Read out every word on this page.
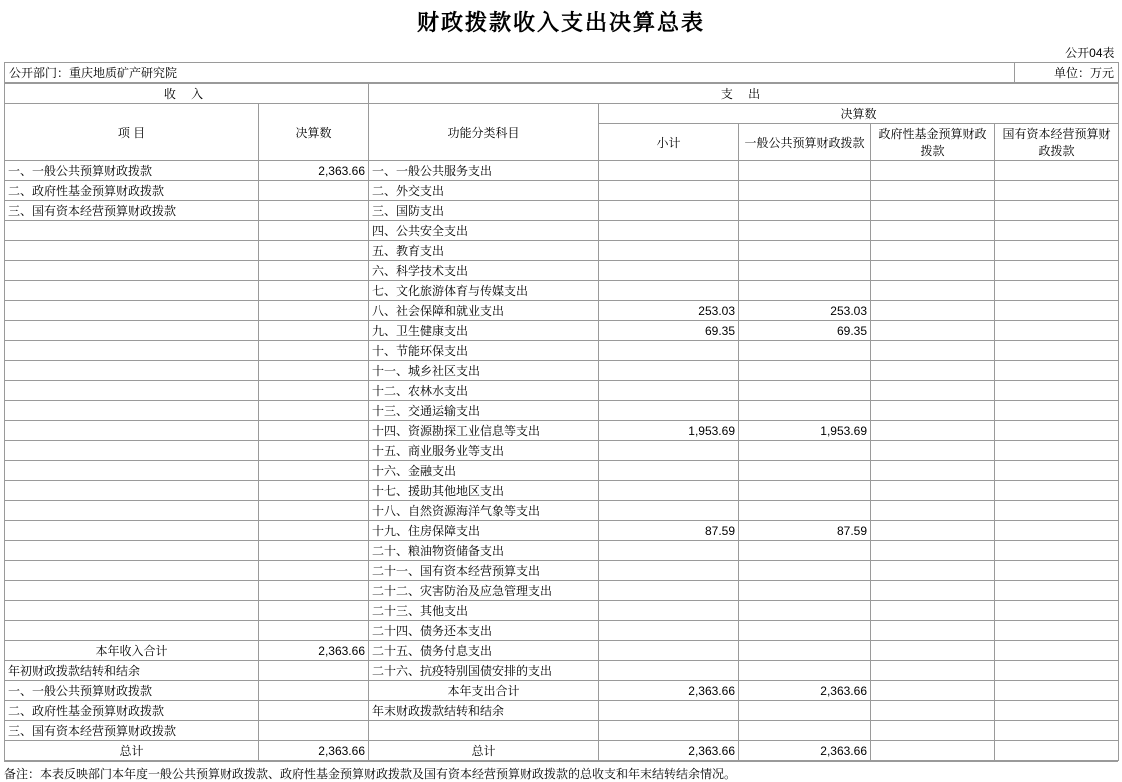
财政拨款收入支出决算总表
	公开04表
公开部门：重庆地质矿产研究院	单位：万元
收 入		支 出				
项 目	决算数	功能分类科目	决算数			
			小计	一般公共预算财政拨款	政府性基金预算财政拨款	国有资本经营预算财政拨款
一、一般公共预算财政拨款	2,363.66	一、一般公共服务支出				
二、政府性基金预算财政拨款		二、外交支出				
三、国有资本经营预算财政拨款		三、国防支出				
		四、公共安全支出				
		五、教育支出				
		六、科学技术支出				
		七、文化旅游体育与传媒支出				
		八、社会保障和就业支出	253.03	253.03		
		九、卫生健康支出	69.35	69.35		
		十、节能环保支出				
		十一、城乡社区支出				
		十二、农林水支出				
		十三、交通运输支出				
		十四、资源勘探工业信息等支出	1,953.69	1,953.69		
		十五、商业服务业等支出				
		十六、金融支出				
		十七、援助其他地区支出				
		十八、自然资源海洋气象等支出				
		十九、住房保障支出	87.59	87.59		
		二十、粮油物资储备支出				
		二十一、国有资本经营预算支出				
		二十二、灾害防治及应急管理支出				
		二十三、其他支出				
		二十四、债务还本支出				
本年收入合计	2,363.66	二十五、债务付息支出				
年初财政拨款结转和结余		二十六、抗疫特别国债安排的支出				
一、一般公共预算财政拨款		本年支出合计	2,363.66	2,363.66		
二、政府性基金预算财政拨款		年末财政拨款结转和结余				
三、国有资本经营预算财政拨款						
总计	2,363.66	总计	2,363.66	2,363.66		
备注：本表反映部门本年度一般公共预算财政拨款、政府性基金预算财政拨款及国有资本经营预算财政拨款的总收支和年末结转结余情况。
